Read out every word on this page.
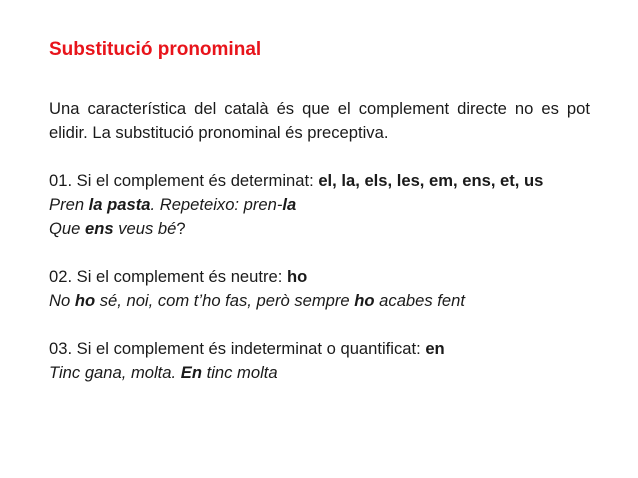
Substitució pronominal

Una característica del català és que el complement directe no es pot elidir. La substitució pronominal és preceptiva.

01. Si el complement és determinat: el, la, els, les, em, ens, et, us

Pren la pasta. Repeteixo: pren-la

Que ens veus bé?

02. Si el complement és neutre: ho

No ho sé, noi, com t’ho fas, però sempre ho acabes fent

03. Si el complement és indeterminat o quantificat: en

Tinc gana, molta. En tinc molta
